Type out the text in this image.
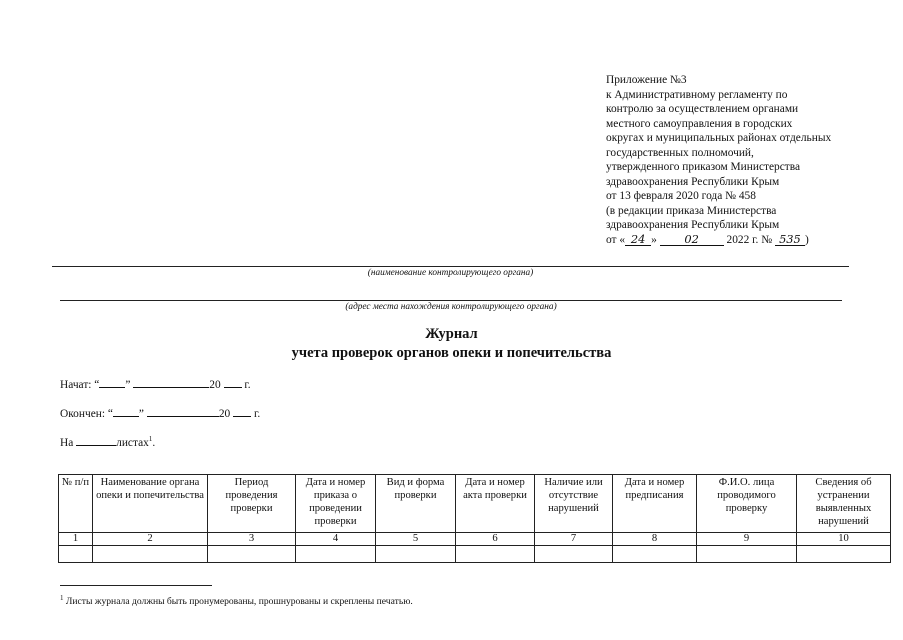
Приложение №3
к Административному регламенту по
контролю за осуществлением органами
местного самоуправления в городских
округах и муниципальных районах отдельных
государственных полномочий,
утвержденного приказом Министерства
здравоохранения Республики Крым
от 13 февраля 2020 года № 458
(в редакции приказа Министерства
здравоохранения Республики Крым
от « 24 » 02 2022 г. № 535 )
(наименование контролирующего органа)
(адрес места нахождения контролирующего органа)
Журнал
учета проверок органов опеки и попечительства
Начат: “ ”	20 г.
Окончен: “ ”	20 г.
На	листах$^1$.
№ п/п	Наименование органа опеки и попечительства	Период проведения проверки	Дата и номер приказа о проведении проверки	Вид и форма проверки	Дата и номер акта проверки	Наличие или отсутствие нарушений	Дата и номер предписания	Ф.И.О. лица проводимого проверку	Сведения об устранении выявленных нарушений
1	2	3	4	5	6	7	8	9	10

$^1$ Листы журнала должны быть пронумерованы, прошнурованы и скреплены печатью.
